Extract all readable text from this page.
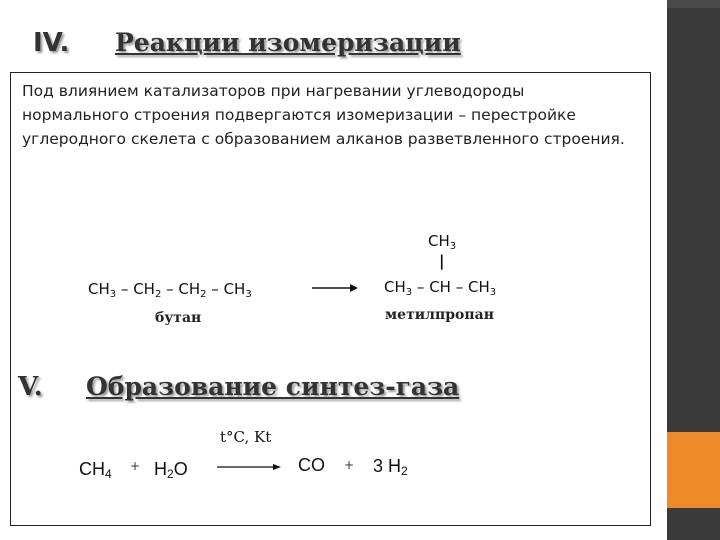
IV. Реакции изомеризации
Под влиянием катализаторов при нагревании углеводороды
нормального строения подвергаются изомеризации – перестройке
углеродного скелета с образованием алканов разветвленного строения.
$CH_3 - CH_2 - CH_2 - CH_3$
бутан
$CH_3$
|
$CH_3$ – CH – $CH_3$
метилпропан
V. Образование синтез-газа
t°C, Kt
$CH_4$
+ $H_2O$ → CO + 3 $H_2$
